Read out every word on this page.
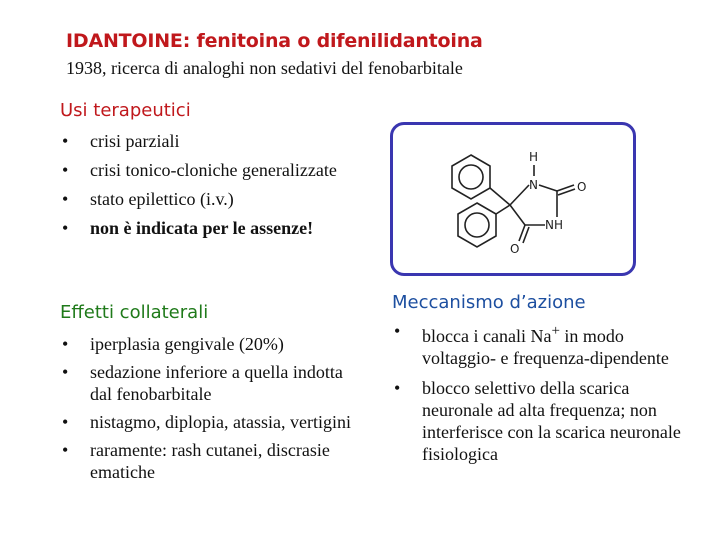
IDANTOINE: fenitoina o difenilidantoina

1938, ricerca di analoghi non sedativi del fenobarbitale

Usi terapeutici
• crisi parziali
• crisi tonico-cloniche generalizzate
• stato epilettico (i.v.)
• non è indicata per le assenze!
Effetti collaterali
• iperplasia gengivale (20%)
• sedazione inferiore a quella indotta dal fenobarbitale
• nistagmo, diplopia, atassia, vertigini
• raramente: rash cutanei, discrasie ematiche
H
N	O
NH
O
Meccanismo d’azione
• blocca i canali Na+ in modo voltaggio- e frequenza-dipendente
• blocco selettivo della scarica neuronale ad alta frequenza; non interferisce con la scarica neuronale fisiologica
